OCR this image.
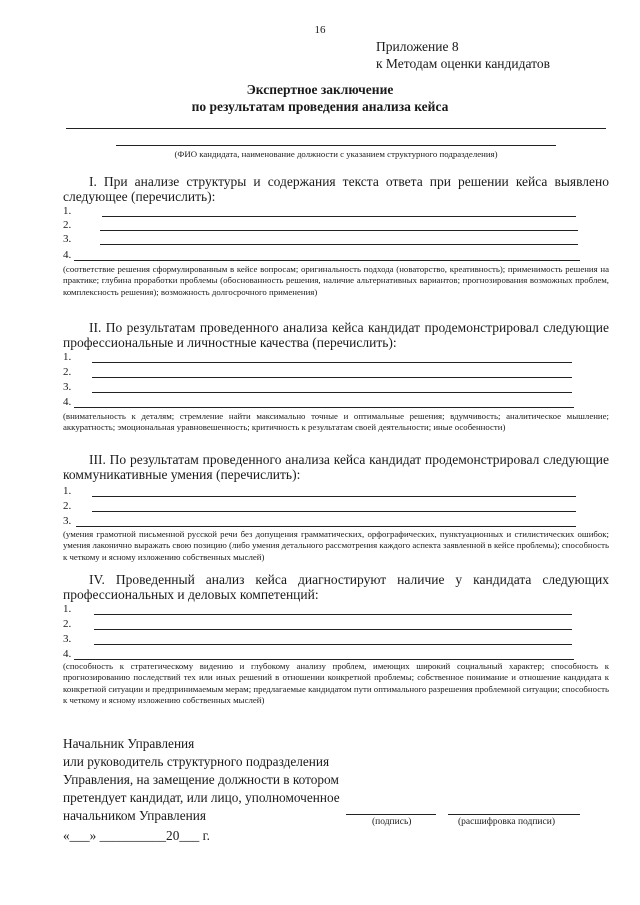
16
Приложение 8
к Методам оценки кандидатов
Экспертное заключение
по результатам проведения анализа кейса
(ФИО кандидата, наименование должности с указанием структурного подразделения)
I. При анализе структуры и содержания текста ответа при решении кейса выявлено следующее (перечислить):
1.
2.
3.
4.
(соответствие решения сформулированным в кейсе вопросам; оригинальность подхода (новаторство, креативность); применимость решения на практике; глубина проработки проблемы (обоснованность решения, наличие альтернативных вариантов; прогнозирования возможных проблем, комплексность решения); возможность долгосрочного применения)
II. По результатам проведенного анализа кейса кандидат продемонстрировал следующие профессиональные и личностные качества (перечислить):
1.
2.
3.
4.
(внимательность к деталям; стремление найти максимально точные и оптимальные решения; вдумчивость; аналитическое мышление; аккуратность; эмоциональная уравновешенность; критичность к результатам своей деятельности; иные особенности)
III. По результатам проведенного анализа кейса кандидат продемонстрировал следующие коммуникативные умения (перечислить):
1.
2.
3.
(умения грамотной письменной русской речи без допущения грамматических, орфографических, пунктуационных и стилистических ошибок; умения лаконично выражать свою позицию (либо умения детального рассмотрения каждого аспекта заявленной в кейсе проблемы); способность к четкому и ясному изложению собственных мыслей)
IV. Проведенный анализ кейса диагностируют наличие у кандидата следующих профессиональных и деловых компетенций:
1.
2.
3.
4.
(способность к стратегическому видению и глубокому анализу проблем, имеющих широкий социальный характер; способность к прогнозированию последствий тех или иных решений в отношении конкретной проблемы; собственное понимание и отношение кандидата к конкретной ситуации и предпринимаемым мерам; предлагаемые кандидатом пути оптимального разрешения проблемной ситуации; способность к четкому и ясному изложению собственных мыслей)
Начальник Управления
или руководитель структурного подразделения
Управления, на замещение должности в котором
претендует кандидат, или лицо, уполномоченное
начальником Управления	(подпись)	(расшифровка подписи)
«___» __________20___ г.
